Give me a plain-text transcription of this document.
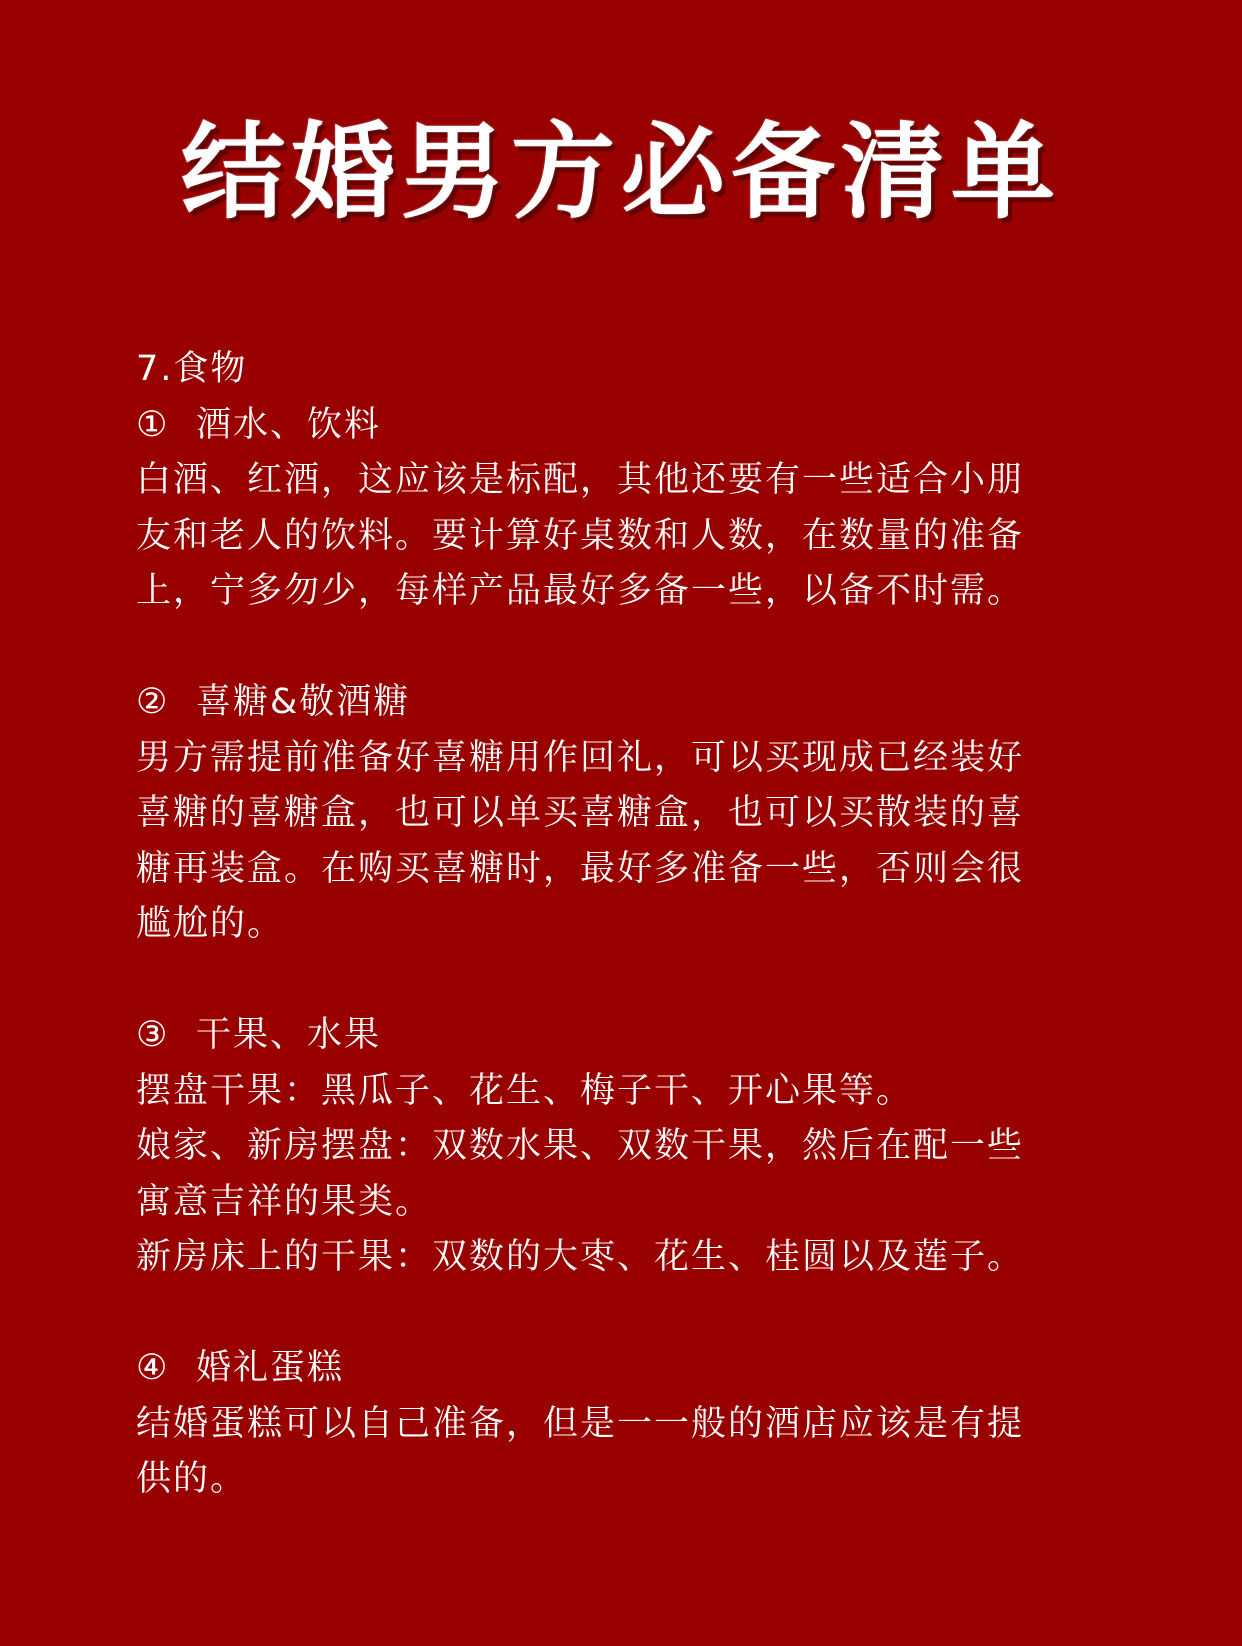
结婚男方必备清单
7.食物
① 酒水、饮料
白酒、红酒，这应该是标配，其他还要有一些适合小朋
友和老人的饮料。要计算好桌数和人数，在数量的准备
上，宁多勿少，每样产品最好多备一些，以备不时需。
② 喜糖&敬酒糖
男方需提前准备好喜糖用作回礼，可以买现成已经装好
喜糖的喜糖盒，也可以单买喜糖盒，也可以买散装的喜
糖再装盒。在购买喜糖时，最好多准备一些，否则会很
尴尬的。
③ 干果、水果
摆盘干果：黑瓜子、花生、梅子干、开心果等。
娘家、新房摆盘：双数水果、双数干果，然后在配一些
寓意吉祥的果类。
新房床上的干果：双数的大枣、花生、桂圆以及莲子。
④ 婚礼蛋糕
结婚蛋糕可以自己准备，但是一一般的酒店应该是有提
供的。
